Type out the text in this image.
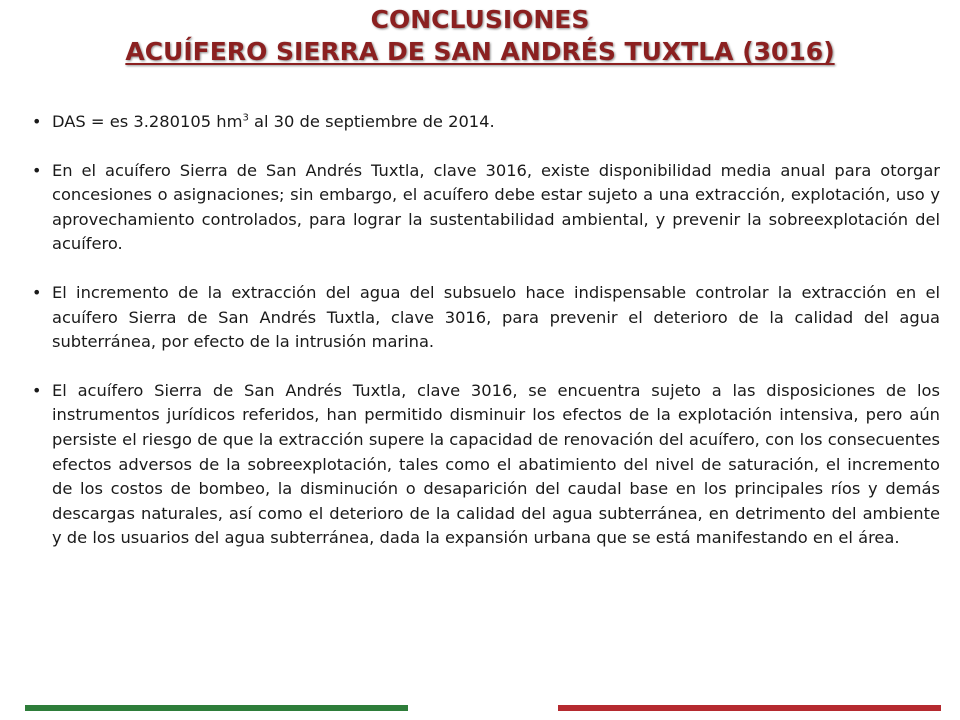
CONCLUSIONES
ACUÍFERO SIERRA DE SAN ANDRÉS TUXTLA (3016)
• DAS = es 3.280105 $hm^3$ al 30 de septiembre de 2014.
• En el acuífero Sierra de San Andrés Tuxtla, clave 3016, existe disponibilidad media anual para otorgar concesiones o asignaciones; sin embargo, el acuífero debe estar sujeto a una extracción, explotación, uso y aprovechamiento controlados, para lograr la sustentabilidad ambiental, y prevenir la sobreexplotación del acuífero.
• El incremento de la extracción del agua del subsuelo hace indispensable controlar la extracción en el acuífero Sierra de San Andrés Tuxtla, clave 3016, para prevenir el deterioro de la calidad del agua subterránea, por efecto de la intrusión marina.
• El acuífero Sierra de San Andrés Tuxtla, clave 3016, se encuentra sujeto a las disposiciones de los instrumentos jurídicos referidos, han permitido disminuir los efectos de la explotación intensiva, pero aún persiste el riesgo de que la extracción supere la capacidad de renovación del acuífero, con los consecuentes efectos adversos de la sobreexplotación, tales como el abatimiento del nivel de saturación, el incremento de los costos de bombeo, la disminución o desaparición del caudal base en los principales ríos y demás descargas naturales, así como el deterioro de la calidad del agua subterránea, en detrimento del ambiente y de los usuarios del agua subterránea, dada la expansión urbana que se está manifestando en el área.
